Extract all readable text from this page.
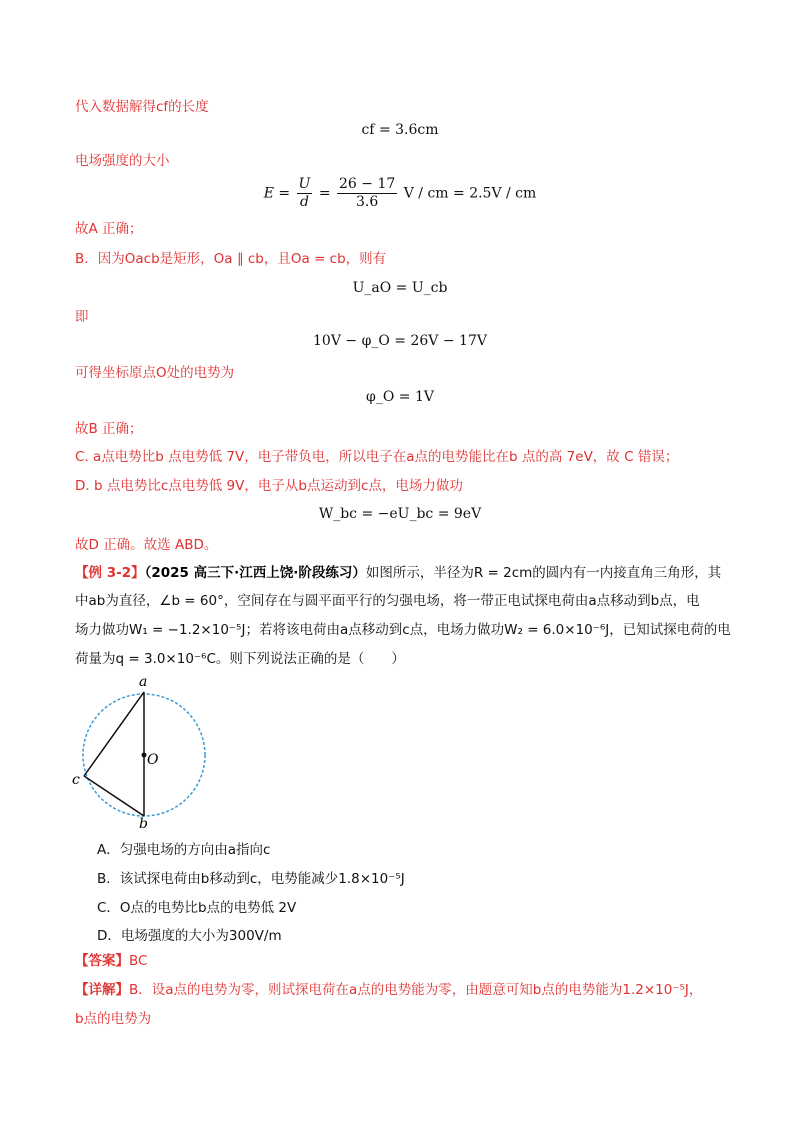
代入数据解得cf的长度
cf = 3.6cm
电场强度的大小
$E = \frac{U}{d} = \frac{26 - 17}{3.6}$ V / cm = 2.5V / cm
故A 正确；
B．因为Oacb是矩形，Oa ∥ cb，且Oa = cb，则有
U_aO = U_cb
即
10V − φ_O = 26V − 17V
可得坐标原点O处的电势为
φ_O = 1V
故B 正确；
C. a点电势比b 点电势低 7V，电子带负电，所以电子在a点的电势能比在b 点的高 7eV，故 C 错误；
D. b 点电势比c点电势低 9V，电子从b点运动到c点，电场力做功
W_bc = −eU_bc = 9eV
故D 正确。故选 ABD。
【例 3-2】（2025 高三下·江西上饶·阶段练习）如图所示，半径为R = 2cm的圆内有一内接直角三角形，其
中ab为直径，∠b = 60°，空间存在与圆平面平行的匀强电场，将一带正电试探电荷由a点移动到b点，电
场力做功W₁ = −1.2×10⁻⁵J；若将该电荷由a点移动到c点，电场力做功W₂ = 6.0×10⁻⁶J，已知试探电荷的电
荷量为q = 3.0×10⁻⁶C。则下列说法正确的是（　　）
a
b
c
O
A．匀强电场的方向由a指向c
B．该试探电荷由b移动到c，电势能减少1.8×10⁻⁵J
C．O点的电势比b点的电势低 2V
D．电场强度的大小为300V/m
【答案】BC
【详解】B．设a点的电势为零，则试探电荷在a点的电势能为零，由题意可知b点的电势能为1.2×10⁻⁵J，
b点的电势为
